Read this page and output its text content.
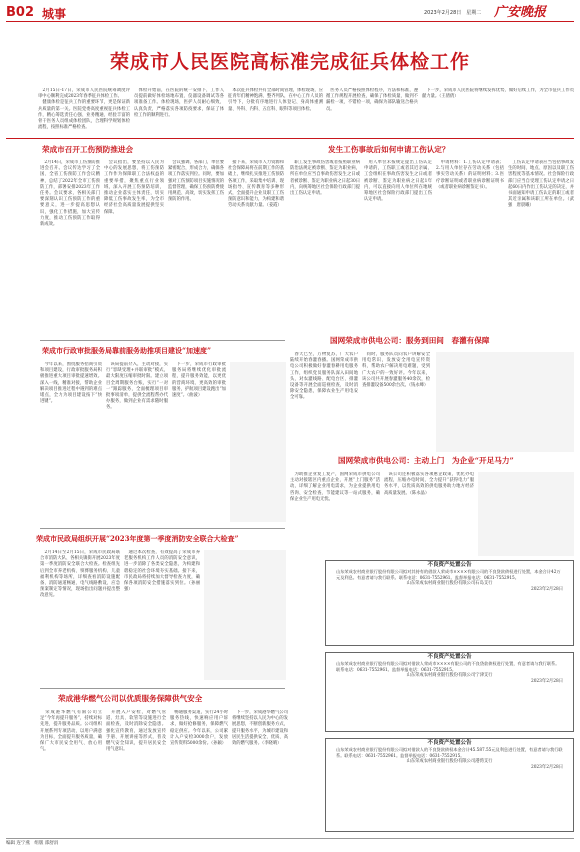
B02 城事	2023年2月28日　星期二 广安晚报
荣成市人民医院高标准完成征兵体检工作
　2月15日-17日，荣成市人民医院统筹调度评审中心顺利完成2023年春季征兵体检工作。
　健康体检是征兵工作的重要环节，更是保证新兵质量的第一关。医院党委高度重视征兵体检工作，精心筹选责任心强、业务精通、经验丰富的骨干医务人员组成体检团队，合理科学规划体检流程，按照标准严格检查。
　体检开始前，在医院的统一安排下，工作人员提前做好体检场地布置、仪器设备调试等各项准备工作。体检现场，医护人员耐心细致、认真负责，严格落实各项防疫要求，保证了体检工作的顺利进行。
　本次征兵体检共有全部时间管理，体检现场，应征青年们精神饱满、整齐列队，在中心工作人员的引导下，分批有序地进行人体登记、身高体重测量、外科、内科、五官科、眼科等项目体检。
　医务人员严格按照体检程序，方法和标准，遵循工作规程开展检查，确保了体检质量，做到不漏检一项，不错检一项，确保为部队输送合格兵员。
　下一步，荣成市人民医院将继续发挥优势，做好后续工作，为全市征兵工作贡献力量。（王倩倩）
荣成市召开工伤预防推进会
　2月14日，荣成市工伤预防推进会召开。会议传达学习了全国、全省工伤预防工作会议精神，总结了2022年全市工伤预防工作，部署安排2023年工作任务。会议要求，各相关部门要深刻认识工伤预防工作的重要意义，进一步提高思想认识，强化工作措施，加大宣传力度，推动工伤预防工作取得新成效。
　会议指出，要坚持以人民为中心的发展思想，将工伤预防工作作为保障职工合法权益的重要举措，聚焦重点行业领域，深入开展工伤预防培训，推动企业落实主体责任，切实降低工伤事故发生率，为全市经济社会高质量发展提供坚实保障。
　会议强调，各部门、单位要紧密配合，形成合力，确保各项工作落实到位。同时，要加强对工伤预防项目实施情况的监督管理，确保工伤预防费使用规范、高效，切实发挥工伤预防的作用。
　接下来，荣成市人力资源和社会保障局将在前期工作的基础上，继续扎实推进工伤预防各项工作，采取集中培训、现场指导、宣传教育等多种形式，全面提升企业及职工工伤预防意识和能力，为构建和谐劳动关系贡献力量。（姜霞）
发生工伤事故后如何申请工伤认定？
　职工发生事故伤害或者按照职业病防治法规定被诊断、鉴定为职业病，所在单位应当自事故伤害发生之日或者被诊断、鉴定为职业病之日起30日内，向统筹地区社会保险行政部门提出工伤认定申请。
　用人单位未按规定提出工伤认定申请的，工伤职工或者其近亲属、工会组织在事故伤害发生之日或者被诊断、鉴定为职业病之日起1年内，可以直接向用人单位所在地统筹地区社会保险行政部门提出工伤认定申请。
　申请材料：1.工伤认定申请表；2.与用人单位存在劳动关系（包括事实劳动关系）的证明材料；3.医疗诊断证明或者职业病诊断证明书（或者职业病诊断鉴定书）。
　工伤认定申请表应当包括事故发生的时间、地点、原因以及职工伤害程度等基本情况。社会保险行政部门应当自受理工伤认定申请之日起60日内作出工伤认定的决定，并书面通知申请工伤认定的职工或者其近亲属和该职工所在单位。（武强　唐晨曦）
荣成市行政审批服务局靠前服务助推项目建设“加速度”
　今年以来，围绕服务招商引资和项目建设，行政审批服务局积极推进重大项目审批提速增效。深入一线，精准对接，帮助企业解决项目推进过程中遇到的难点堵点，全力为项目建设按下“快进键”。
　该局提前介入，主动对接，实行“容缺受理+并联审批”模式，最大限度压缩审批时限。建立项目全周期服务台账，实行“一对一”跟踪服务，全面梳理项目审批事项清单，提供全流程帮办代办服务，做到企业有需求随时服务。
　下一步，荣成市行政审批服务局将继续优化审批流程，提升服务效能，以更优的营商环境、更高效的审批服务，护航项目建设跑出“加速度”。（曲波）
国网荣成市供电公司：服务到田间　春灌有保障
　春天已至，万物复苏，广大农户陆续开始春灌春播。国网荣成市供电公司积极做好春灌春耕用电服务工作，组织党员服务队深入田间地头，对农灌线路、配电台区、排灌设备等开展全面巡视检查，及时消除安全隐患，保障农业生产用电安全可靠。
　同时，服务队员向农户讲解安全用电常识，发放安全用电宣传资料，帮助农户解决用电难题，受到广大农户的一致好评。今年以来，该公司共开展春灌服务40余次，检查排灌设备500余台次。（钱永峰）
国网荣成市供电公司：主动上门　为企业“开足马力”
　为助推企业复工复产，国网荣成市供电公司主动对接辖区内重点企业，开展“上门服务”活动，详细了解企业用电需求，为企业提供用电咨询、安全检查、节能建议等一站式服务，确保企业生产用电无忧。
　该公司还积极落实各项惠企政策，优化办电流程，压缩办电时间，全力提升“获得电力”服务水平，以优质高效的供电服务助力地方经济高质量发展。（陈永晶）
荣成市民政局组织开展“2023年度第一季度消防安全联合大检查”
　2月14日至2月15日，荣成市民政局联合市消防大队、各相关镇街开展2023年度第一季度消防安全联合大检查。检查组先后到全市养老机构、殡葬服务机构、儿童福利机构等场所，详细查看消防设施配备、消防通道畅通、电气线路敷设、应急预案制定等情况，现场指出问题并提出整改意见。
　通过本次检查，有效提高了荣成市养老服务机构工作人员的消防安全意识，进一步消除了各类安全隐患，为构建和谐稳定的社会环境夯实基础。接下来，市民政局将持续加大督导检查力度，确保各项消防安全措施落实到位。（孙丽强）
荣成港华燃气公司以优质服务保障供气安全
　荣成港华燃气有限公司立足“今年再提升服务”，持续对标先进，提升服务品质。公司组织开展系列专项活动，以用户满意为目标，全面提升服务质量，确保广大市民安全用气、放心用气。
　开展入户安检，对燃气管道、灶具、软管等设施进行全面检查，及时消除安全隐患。强化宣传教育，通过发放宣传手册、开展讲座等形式，普及燃气安全知识，提升居民安全用气意识。
　畅通服务渠道，实行24小时服务热线，快速响应用户诉求，做好抢修服务，保障燃气稳定供应。今年以来，公司累计入户安检3000余户，发放宣传资料5000余份。（孙颖）
　下一步，荣成港华燃气公司将继续坚持以人民为中心的发展思想，不断创新服务方式，提升服务水平，为城市建设和居民生活提供安全、优质、高效的燃气服务。（李晓晴）
不良资产处置公告
山东荣成农村商业银行股份有限公司拟对其持有的借款人荣成市××××有限公司的不良贷款债权进行处置，本金合计42万元及利息。有意者请与我行联系。联系电话：0631-7552961。监督举报电话：0631-7552915。
山东荣成农村商业银行股份有限公司石岛支行
2023年2月28日
不良资产处置公告
山东荣成农村商业银行股份有限公司拟对借款人荣成市××××有限公司的不良贷款债权进行处置，有意者请与我行联系。联系电话：0631-7552961。监督举报电话：0631-7552915。
山东荣成农村商业银行股份有限公司宁津支行
2023年2月28日
不良资产处置公告
山东荣成农村商业银行股份有限公司拟对借款人的不良贷款债权本金合计45.587.55元及利息进行处置，有意者请与我行联系。联系电话：0631-7552961。监督举报电话：0631-7552915。
山东荣成农村商业银行股份有限公司港湾支行
2023年2月28日
编辑 连宁燕　组版 邵舒涓
